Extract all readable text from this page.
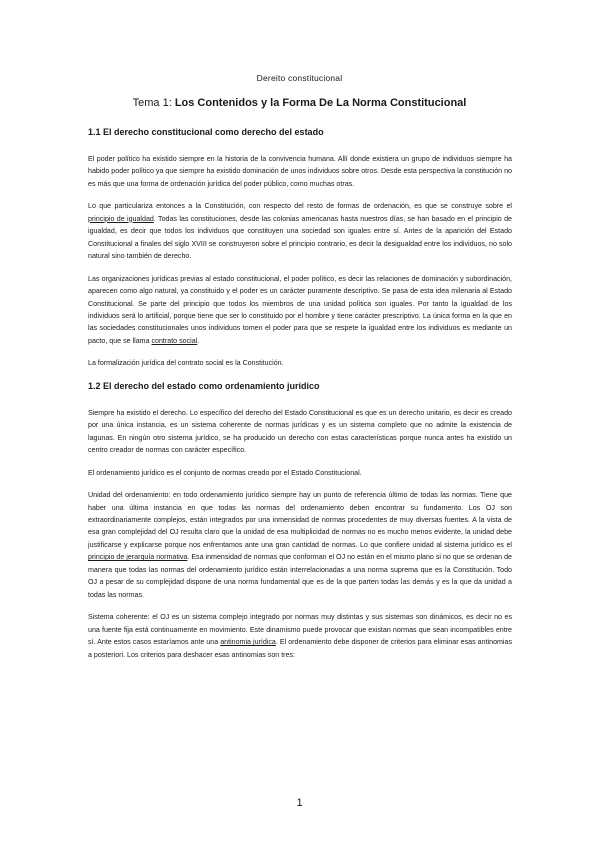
Dereito constitucional
Tema 1: Los Contenidos y la Forma De La Norma Constitucional
1.1 El derecho constitucional como derecho del estado

El poder político ha existido siempre en la historia de la convivencia humana. Allí donde existiera un grupo de individuos siempre ha habido poder político ya que siempre ha existido dominación de unos individuos sobre otros. Desde esta perspectiva la constitución no es más que una forma de ordenación jurídica del poder público, como muchas otras.

Lo que particulariza entonces a la Constitución, con respecto del resto de formas de ordenación, es que se construye sobre el principio de igualdad. Todas las constituciones, desde las colonias americanas hasta nuestros días, se han basado en el principio de igualdad, es decir que todos los individuos que constituyen una sociedad son iguales entre sí. Antes de la aparición del Estado Constitucional a finales del siglo XVIII se construyeron sobre el principio contrario, es decir la desigualdad entre los individuos, no solo natural sino también de derecho.

Las organizaciones jurídicas previas al estado constitucional, el poder político, es decir las relaciones de dominación y subordinación, aparecen como algo natural, ya constituido y el poder es un carácter puramente descriptivo. Se pasa de esta idea milenaria al Estado Constitucional. Se parte del principio que todos los miembros de una unidad política son iguales. Por tanto la igualdad de los individuos será lo artificial, porque tiene que ser lo constituido por el hombre y tiene carácter prescriptivo. La única forma en la que en las sociedades constitucionales unos individuos tomen el poder para que se respete la igualdad entre los individuos es mediante un pacto, que se llama contrato social.

La formalización jurídica del contrato social es la Constitución.

1.2 El derecho del estado como ordenamiento jurídico

Siempre ha existido el derecho. Lo específico del derecho del Estado Constitucional es que es un derecho unitario, es decir es creado por una única instancia, es un sistema coherente de normas jurídicas y es un sistema completo que no admite la existencia de lagunas. En ningún otro sistema jurídico, se ha producido un derecho con estas características porque nunca antes ha existido un centro creador de normas con carácter específico.

El ordenamiento jurídico es el conjunto de normas creado por el Estado Constitucional.

Unidad del ordenamiento: en todo ordenamiento jurídico siempre hay un punto de referencia último de todas las normas. Tiene que haber una última instancia en que todas las normas del ordenamiento deben encontrar su fundamento. Los OJ son extraordinariamente complejos, están integrados por una inmensidad de normas procedentes de muy diversas fuentes. A la vista de esa gran complejidad del OJ resulta claro que la unidad de esa multiplicidad de normas no es mucho menos evidente, la unidad debe justificarse y explicarse porque nos enfrentamos ante una gran cantidad de normas. Lo que confiere unidad al sistema jurídico es el principio de jerarquía normativa. Esa inmensidad de normas que conforman el OJ no están en el mismo plano si no que se ordenan de manera que todas las normas del ordenamiento jurídico están interrelacionadas a una norma suprema que es la Constitución. Todo OJ a pesar de su complejidad dispone de una norma fundamental que es de la que parten todas las demás y es la que da unidad a todas las normas.

Sistema coherente: el OJ es un sistema complejo integrado por normas muy distintas y sus sistemas son dinámicos, es decir no es una fuente fija está continuamente en movimiento. Este dinamismo puede provocar que existan normas que sean incompatibles entre sí. Ante estos casos estaríamos ante una antinomia jurídica. El ordenamiento debe disponer de criterios para eliminar esas antinomias a posteriori. Los criterios para deshacer esas antinomias son tres:

1
